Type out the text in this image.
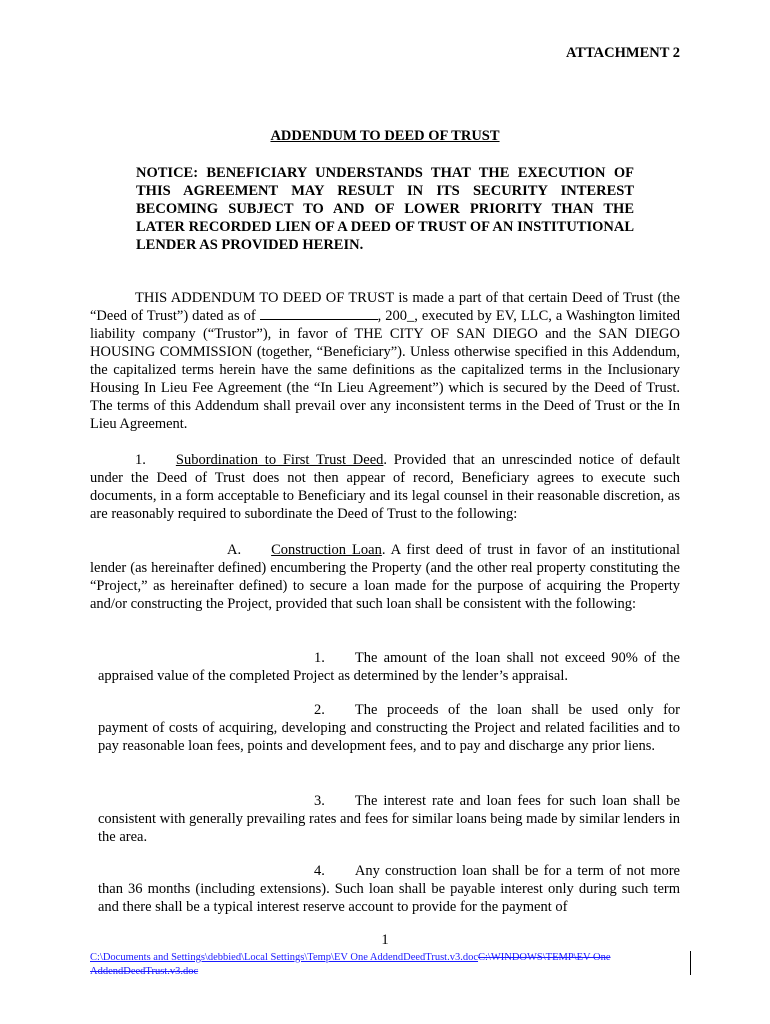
ATTACHMENT 2
ADDENDUM TO DEED OF TRUST
NOTICE: BENEFICIARY UNDERSTANDS THAT THE EXECUTION OF THIS AGREEMENT MAY RESULT IN ITS SECURITY INTEREST BECOMING SUBJECT TO AND OF LOWER PRIORITY THAN THE LATER RECORDED LIEN OF A DEED OF TRUST OF AN INSTITUTIONAL LENDER AS PROVIDED HEREIN.
THIS ADDENDUM TO DEED OF TRUST is made a part of that certain Deed of Trust (the “Deed of Trust”) dated as of	, 200_, executed by EV, LLC, a Washington limited liability company (“Trustor”), in favor of THE CITY OF SAN DIEGO and the SAN DIEGO HOUSING COMMISSION (together, “Beneficiary”). Unless otherwise specified in this Addendum, the capitalized terms herein have the same definitions as the capitalized terms in the Inclusionary Housing In Lieu Fee Agreement (the “In Lieu Agreement”) which is secured by the Deed of Trust. The terms of this Addendum shall prevail over any inconsistent terms in the Deed of Trust or the In Lieu Agreement.
1. Subordination to First Trust Deed. Provided that an unrescinded notice of default under the Deed of Trust does not then appear of record, Beneficiary agrees to execute such documents, in a form acceptable to Beneficiary and its legal counsel in their reasonable discretion, as are reasonably required to subordinate the Deed of Trust to the following:
A. Construction Loan. A first deed of trust in favor of an institutional lender (as hereinafter defined) encumbering the Property (and the other real property constituting the “Project,” as hereinafter defined) to secure a loan made for the purpose of acquiring the Property and/or constructing the Project, provided that such loan shall be consistent with the following:
1. The amount of the loan shall not exceed 90% of the appraised value of the completed Project as determined by the lender’s appraisal.
2. The proceeds of the loan shall be used only for payment of costs of acquiring, developing and constructing the Project and related facilities and to pay reasonable loan fees, points and development fees, and to pay and discharge any prior liens.
3. The interest rate and loan fees for such loan shall be consistent with generally prevailing rates and fees for similar loans being made by similar lenders in the area.
4. Any construction loan shall be for a term of not more than 36 months (including extensions). Such loan shall be payable interest only during such term and there shall be a typical interest reserve account to provide for the payment of
1
C:\Documents and Settings\debbied\Local Settings\Temp\EV One AddendDeedTrust.v3.docC:\WINDOWS\TEMP\EV One AddendDeedTrust.v3.doc
